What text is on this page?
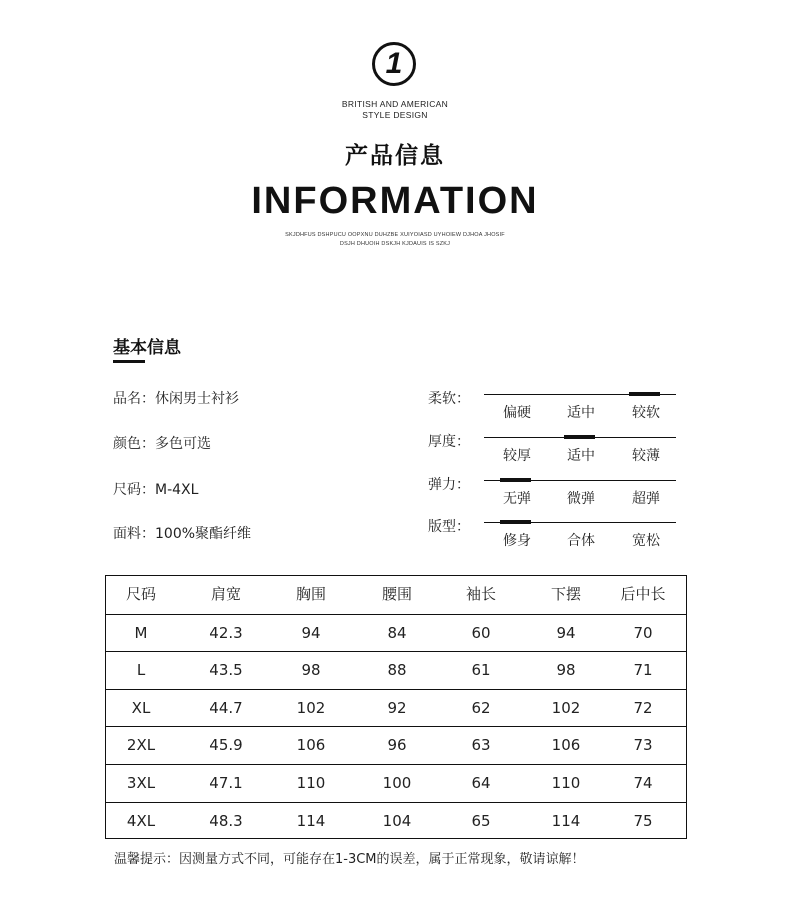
1
BRITISH AND AMERICAN
STYLE DESIGN
产品信息
INFORMATION
SKJDHFUS DSHPUCU OOPXNU DUHZBE XUIYOIASD UYHOIEW DJHOA JHOSIF
DSJH DHUOIH DSKJH KJDAUIS IS SZKJ
基本信息
品名：休闲男士衬衫
颜色：多色可选
尺码：M-4XL
面料：100%聚酯纤维
柔软：
偏硬	适中	较软
厚度：
较厚	适中	较薄
弹力：
无弹	微弹	超弹
版型：
修身	合体	宽松
尺码	肩宽	胸围	腰围	袖长	下摆	后中长
M	42.3	94	84	60	94	70
L	43.5	98	88	61	98	71
XL	44.7	102	92	62	102	72
2XL	45.9	106	96	63	106	73
3XL	47.1	110	100	64	110	74
4XL	48.3	114	104	65	114	75
温馨提示：因测量方式不同，可能存在1-3CM的误差，属于正常现象，敬请谅解！
